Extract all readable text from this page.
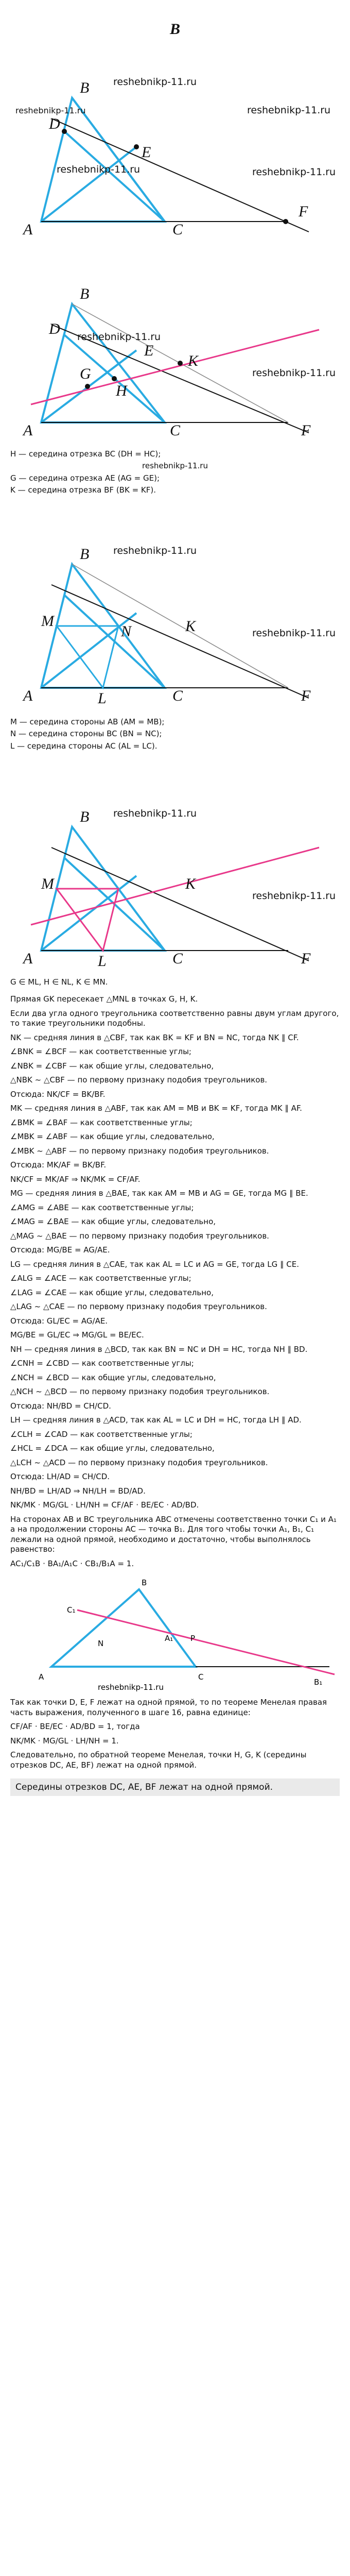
B
B
D
E
A	C
F
reshebnikp-11.ru
reshebnikp-11.ru	reshebnikp-11.ru
reshebnikp-11.ru	reshebnikp-11.ru
B
D
E
G
H
K
A	C	F
reshebnikp-11.ru
reshebnikp-11.ru

H — середина отрезка BC (DH = HC);

reshebnikp-11.ru

G — середина отрезка AE (AG = GE);

K — середина отрезка BF (BK = KF).

B
M
N
L
A	C	F
K
reshebnikp-11.ru
reshebnikp-11.ru

M — середина стороны AB (AM = MB);

N — середина стороны BC (BN = NC);

L — середина стороны AC (AL = LC).

B
M
A	L	C	F
K
reshebnikp-11.ru
reshebnikp-11.ru

G ∈ ML, H ∈ NL, K ∈ MN.

Прямая GK пересекает △MNL в точках G, H, K.

Если два угла одного треугольника соответственно равны двум углам другого, то такие треугольники подобны.

NK — средняя линия в △CBF, так как BK = KF и BN = NC, тогда NK ∥ CF.

∠BNK = ∠BCF — как соответственные углы;

∠NBK = ∠CBF — как общие углы, следовательно,

△NBK ~ △CBF — по первому признаку подобия треугольников.

Отсюда: NK/CF = BK/BF.

MK — средняя линия в △ABF, так как AM = MB и BK = KF, тогда MK ∥ AF.

∠BMK = ∠BAF — как соответственные углы;

∠MBK = ∠ABF — как общие углы, следовательно,

∠MBK ~ △ABF — по первому признаку подобия треугольников.

Отсюда: MK/AF = BK/BF.

NK/CF = MK/AF ⇒ NK/MK = CF/AF.

MG — средняя линия в △BAE, так как AM = MB и AG = GE, тогда MG ∥ BE.

∠AMG = ∠ABE — как соответственные углы;

∠MAG = ∠BAE — как общие углы, следовательно,

△MAG ~ △BAE — по первому признаку подобия треугольников.

Отсюда: MG/BE = AG/AE.

LG — средняя линия в △CAE, так как AL = LC и AG = GE, тогда LG ∥ CE.

∠ALG = ∠ACE — как соответственные углы;

∠LAG = ∠CAE — как общие углы, следовательно,

△LAG ~ △CAE — по первому признаку подобия треугольников.

Отсюда: GL/EC = AG/AE.

MG/BE = GL/EC ⇒ MG/GL = BE/EC.

NH — средняя линия в △BCD, так как BN = NC и DH = HC, тогда NH ∥ BD.

∠CNH = ∠CBD — как соответственные углы;

∠NCH = ∠BCD — как общие углы, следовательно,

△NCH ~ △BCD — по первому признаку подобия треугольников.

Отсюда: NH/BD = CH/CD.

LH — средняя линия в △ACD, так как AL = LC и DH = HC, тогда LH ∥ AD.

∠CLH = ∠CAD — как соответственные углы;

∠HCL = ∠DCA — как общие углы, следовательно,

△LCH ~ △ACD — по первому признаку подобия треугольников.

Отсюда: LH/AD = CH/CD.

NH/BD = LH/AD ⇒ NH/LH = BD/AD.

NK/MK · MG/GL · LH/NH = CF/AF · BE/EC · AD/BD.

На сторонах AB и BC треугольника ABC отмечены соответственно точки C₁ и A₁ а на продолжении стороны AC — точка B₁. Для того чтобы точки A₁, B₁, C₁ лежали на одной прямой, необходимо и достаточно, чтобы выполнялось равенство:

AC₁/C₁B · BA₁/A₁C · CB₁/B₁A = 1.

B
C₁
A₁ P
B₁
A	C
N
reshebnikp-11.ru

Так как точки D, E, F лежат на одной прямой, то по теореме Менелая правая часть выражения, полученного в шаге 16, равна единице:

CF/AF · BE/EC · AD/BD = 1, тогда

NK/MK · MG/GL · LH/NH = 1.

Следовательно, по обратной теореме Менелая, точки H, G, K (середины отрезков DC, AE, BF) лежат на одной прямой.

Середины отрезков DC, AE, BF лежат на одной прямой.
